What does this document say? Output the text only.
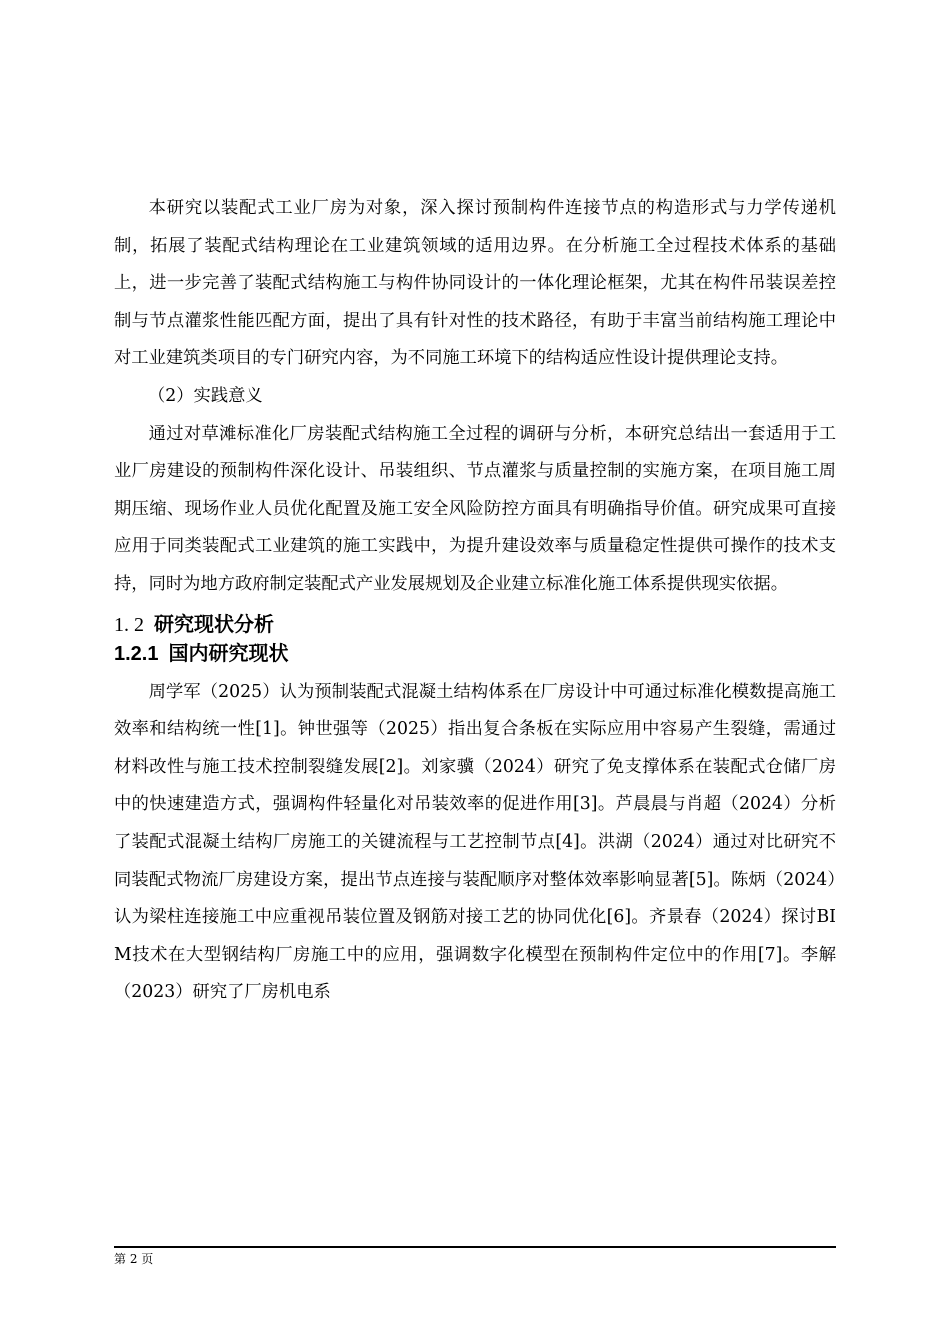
本研究以装配式工业厂房为对象，深入探讨预制构件连接节点的构造形式与力学传递机制，拓展了装配式结构理论在工业建筑领域的适用边界。在分析施工全过程技术体系的基础上，进一步完善了装配式结构施工与构件协同设计的一体化理论框架，尤其在构件吊装误差控制与节点灌浆性能匹配方面，提出了具有针对性的技术路径，有助于丰富当前结构施工理论中对工业建筑类项目的专门研究内容，为不同施工环境下的结构适应性设计提供理论支持。

（2）实践意义

通过对草滩标准化厂房装配式结构施工全过程的调研与分析，本研究总结出一套适用于工业厂房建设的预制构件深化设计、吊装组织、节点灌浆与质量控制的实施方案，在项目施工周期压缩、现场作业人员优化配置及施工安全风险防控方面具有明确指导价值。研究成果可直接应用于同类装配式工业建筑的施工实践中，为提升建设效率与质量稳定性提供可操作的技术支持，同时为地方政府制定装配式产业发展规划及企业建立标准化施工体系提供现实依据。

1. 2 研究现状分析
1.2.1 国内研究现状

周学军（2025）认为预制装配式混凝土结构体系在厂房设计中可通过标准化模数提高施工效率和结构统一性[1]。钟世强等（2025）指出复合条板在实际应用中容易产生裂缝，需通过材料改性与施工技术控制裂缝发展[2]。刘家骥（2024）研究了免支撑体系在装配式仓储厂房中的快速建造方式，强调构件轻量化对吊装效率的促进作用[3]。芦晨晨与肖超（2024）分析了装配式混凝土结构厂房施工的关键流程与工艺控制节点[4]。洪湖（2024）通过对比研究不同装配式物流厂房建设方案，提出节点连接与装配顺序对整体效率影响显著[5]。陈炳（2024）认为梁柱连接施工中应重视吊装位置及钢筋对接工艺的协同优化[6]。齐景春（2024）探讨BIM技术在大型钢结构厂房施工中的应用，强调数字化模型在预制构件定位中的作用[7]。李解（2023）研究了厂房机电系

第 2 页
